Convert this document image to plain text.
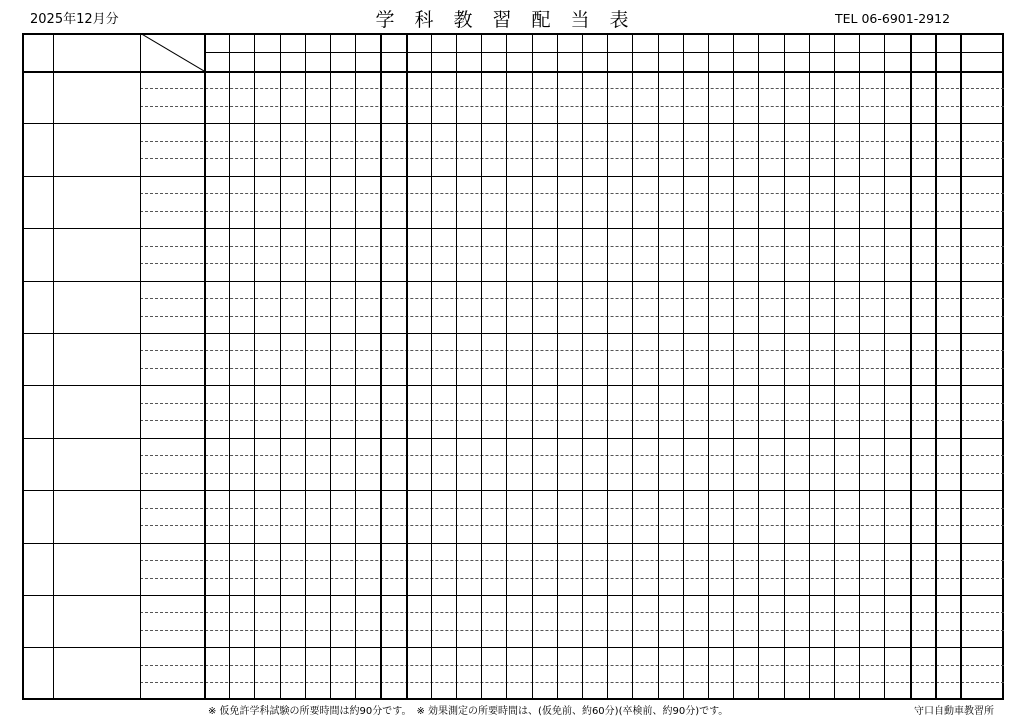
2025年12月分	学科教習配当表	TEL 06-6901-2912
※ 仮免許学科試験の所要時間は約90分です。　※ 効果測定の所要時間は、(仮免前、約60分)(卒検前、約90分)です。	守口自動車教習所
